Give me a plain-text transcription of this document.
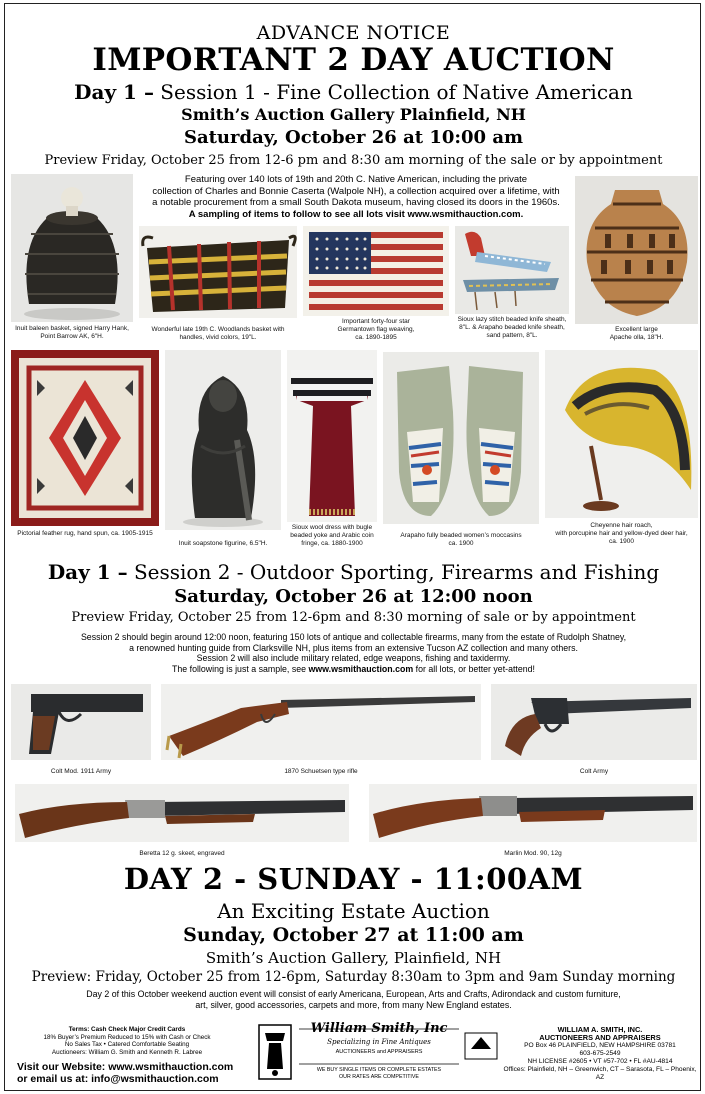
ADVANCE NOTICE
IMPORTANT 2 DAY AUCTION
Day 1 – Session 1 - Fine Collection of Native American
Smith’s Auction Gallery Plainfield, NH
Saturday, October 26 at 10:00 am
Preview Friday, October 25 from 12-6 pm and 8:30 am morning of the sale or by appointment
Featuring over 140 lots of 19th and 20th C. Native American, including the private
collection of Charles and Bonnie Caserta (Walpole NH), a collection acquired over a lifetime, with
a notable procurement from a small South Dakota museum, having closed its doors in the 1960s.
A sampling of items to follow to see all lots visit www.wsmithauction.com.
Inuit baleen basket, signed Harry Hank, Point Barrow AK, 6"H.
Wonderful late 19th C. Woodlands basket with handles, vivid colors, 19"L.
Important forty-four star
Germantown flag weaving,
ca. 1890-1895
Sioux lazy stitch beaded knife sheath, 8"L. & Arapaho beaded knife sheath, sand pattern, 8"L.
Excellent large
Apache olla, 18"H.
Pictorial feather rug, hand spun, ca. 1905-1915
Inuit soapstone figurine, 6.5"H.
Sioux wool dress with bugle beaded yoke and Arabic coin fringe, ca. 1880-1900
Arapaho fully beaded women’s moccasins
ca. 1900
Cheyenne hair roach,
with porcupine hair and yellow-dyed deer hair,
ca. 1900
Day 1 – Session 2 - Outdoor Sporting, Firearms and Fishing
Saturday, October 26 at 12:00 noon
Preview Friday, October 25 from 12-6pm and 8:30 morning of sale or by appointment
Session 2 should begin around 12:00 noon, featuring 150 lots of antique and collectable firearms, many from the estate of Rudolph Shatney,
a renowned hunting guide from Clarksville NH, plus items from an extensive Tucson AZ collection and many others.
Session 2 will also include military related, edge weapons, fishing and taxidermy.
The following is just a sample, see www.wsmithauction.com for all lots, or better yet-attend!
Colt Mod. 1911 Army	1870 Schuetsen type rifle	Colt Army
Beretta 12 g. skeet, engraved	Marlin Mod. 90, 12g
DAY 2 - SUNDAY - 11:00AM
An Exciting Estate Auction
Sunday, October 27 at 11:00 am
Smith’s Auction Gallery, Plainfield, NH
Preview: Friday, October 25 from 12-6pm, Saturday 8:30am to 3pm and 9am Sunday morning
Day 2 of this October weekend auction event will consist of early Americana, European, Arts and Crafts, Adirondack and custom furniture,
art, silver, good accessories, carpets and more, from many New England estates.
Terms: Cash Check Major Credit Cards
18% Buyer’s Premium Reduced to 15% with Cash or Check
No Sales Tax • Catered Comfortable Seating
Auctioneers: William G. Smith and Kenneth R. Labree
Visit our Website: www.wsmithauction.com
or email us at: info@wsmithauction.com
William Smith, Inc
Specializing in Fine Antiques
AUCTIONEERS and APPRAISERS
WE BUY SINGLE ITEMS OR COMPLETE ESTATES
OUR RATES ARE COMPETITIVE
WILLIAM A. SMITH, INC.
AUCTIONEERS AND APPRAISERS
PO Box 46 PLAINFIELD, NEW HAMPSHIRE 03781
603-675-2549
NH LICENSE #2605 • VT #57-702 • FL #AU-4814
Offices: Plainfield, NH – Greenwich, CT – Sarasota, FL – Phoenix, AZ
